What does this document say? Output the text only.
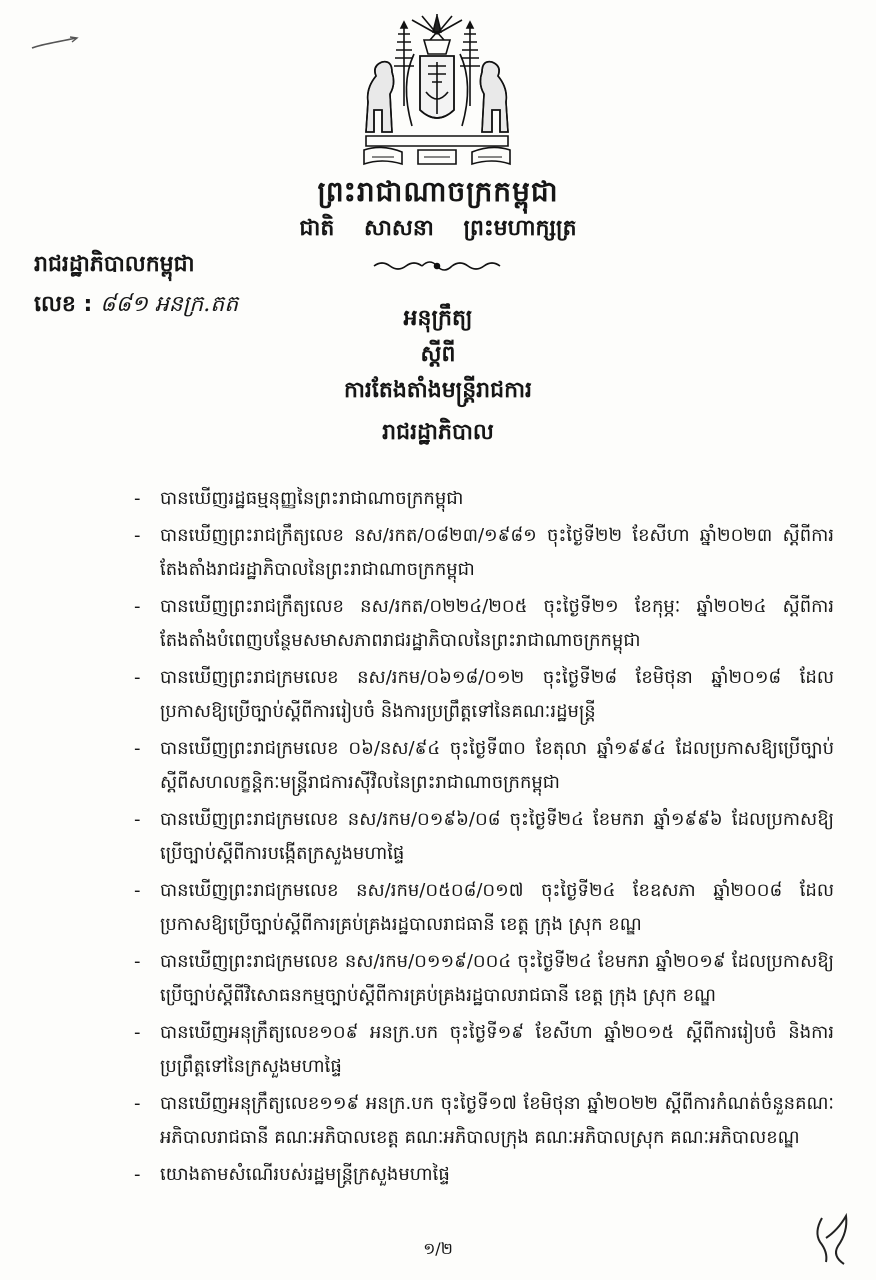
ព្រះរាជាណាចក្រកម្ពុជា
ជាតិ សាសនា ព្រះមហាក្សត្រ
រាជរដ្ឋាភិបាលកម្ពុជា
លេខ : ៨៨១ អនក្រ.តត
អនុក្រឹត្យ
ស្ដីពី
ការតែងតាំងមន្ត្រីរាជការ
រាជរដ្ឋាភិបាល
- បានឃើញរដ្ឋធម្មនុញ្ញនៃព្រះរាជាណាចក្រកម្ពុជា
- បានឃើញព្រះរាជក្រឹត្យលេខ នស/រកត/០៨២៣/១៩៨១ ចុះថ្ងៃទី២២ ខែសីហា ឆ្នាំ២០២៣ ស្ដីពីការតែងតាំងរាជរដ្ឋាភិបាលនៃព្រះរាជាណាចក្រកម្ពុជា
- បានឃើញព្រះរាជក្រឹត្យលេខ នស/រកត/០២២៤/២០៥ ចុះថ្ងៃទី២១ ខែកុម្ភៈ ឆ្នាំ២០២៤ ស្ដីពីការតែងតាំងបំពេញបន្ថែមសមាសភាពរាជរដ្ឋាភិបាលនៃព្រះរាជាណាចក្រកម្ពុជា
- បានឃើញព្រះរាជក្រមលេខ នស/រកម/០៦១៨/០១២ ចុះថ្ងៃទី២៨ ខែមិថុនា ឆ្នាំ២០១៨ ដែលប្រកាសឱ្យប្រើច្បាប់ស្ដីពីការរៀបចំ និងការប្រព្រឹត្តទៅនៃគណៈរដ្ឋមន្ត្រី
- បានឃើញព្រះរាជក្រមលេខ ០៦/នស/៩៤ ចុះថ្ងៃទី៣០ ខែតុលា ឆ្នាំ១៩៩៤ ដែលប្រកាសឱ្យប្រើច្បាប់ស្ដីពីសហលក្ខន្តិកៈមន្ត្រីរាជការស៊ីវិលនៃព្រះរាជាណាចក្រកម្ពុជា
- បានឃើញព្រះរាជក្រមលេខ នស/រកម/០១៩៦/០៨ ចុះថ្ងៃទី២៤ ខែមករា ឆ្នាំ១៩៩៦ ដែលប្រកាសឱ្យប្រើច្បាប់ស្ដីពីការបង្កើតក្រសួងមហាផ្ទៃ
- បានឃើញព្រះរាជក្រមលេខ នស/រកម/០៥០៨/០១៧ ចុះថ្ងៃទី២៤ ខែឧសភា ឆ្នាំ២០០៨ ដែលប្រកាសឱ្យប្រើច្បាប់ស្ដីពីការគ្រប់គ្រងរដ្ឋបាលរាជធានី ខេត្ត ក្រុង ស្រុក ខណ្ឌ
- បានឃើញព្រះរាជក្រមលេខ នស/រកម/០១១៩/០០៤ ចុះថ្ងៃទី២៤ ខែមករា ឆ្នាំ២០១៩ ដែលប្រកាសឱ្យប្រើច្បាប់ស្ដីពីវិសោធនកម្មច្បាប់ស្ដីពីការគ្រប់គ្រងរដ្ឋបាលរាជធានី ខេត្ត ក្រុង ស្រុក ខណ្ឌ
- បានឃើញអនុក្រឹត្យលេខ១០៩ អនក្រ.បក ចុះថ្ងៃទី១៩ ខែសីហា ឆ្នាំ២០១៥ ស្ដីពីការរៀបចំ និងការប្រព្រឹត្តទៅនៃក្រសួងមហាផ្ទៃ
- បានឃើញអនុក្រឹត្យលេខ១១៩ អនក្រ.បក ចុះថ្ងៃទី១៧ ខែមិថុនា ឆ្នាំ២០២២ ស្ដីពីការកំណត់ចំនួនគណៈអភិបាលរាជធានី គណៈអភិបាលខេត្ត គណៈអភិបាលក្រុង គណៈអភិបាលស្រុក គណៈអភិបាលខណ្ឌ
- យោងតាមសំណើរបស់រដ្ឋមន្ត្រីក្រសួងមហាផ្ទៃ
១/២
